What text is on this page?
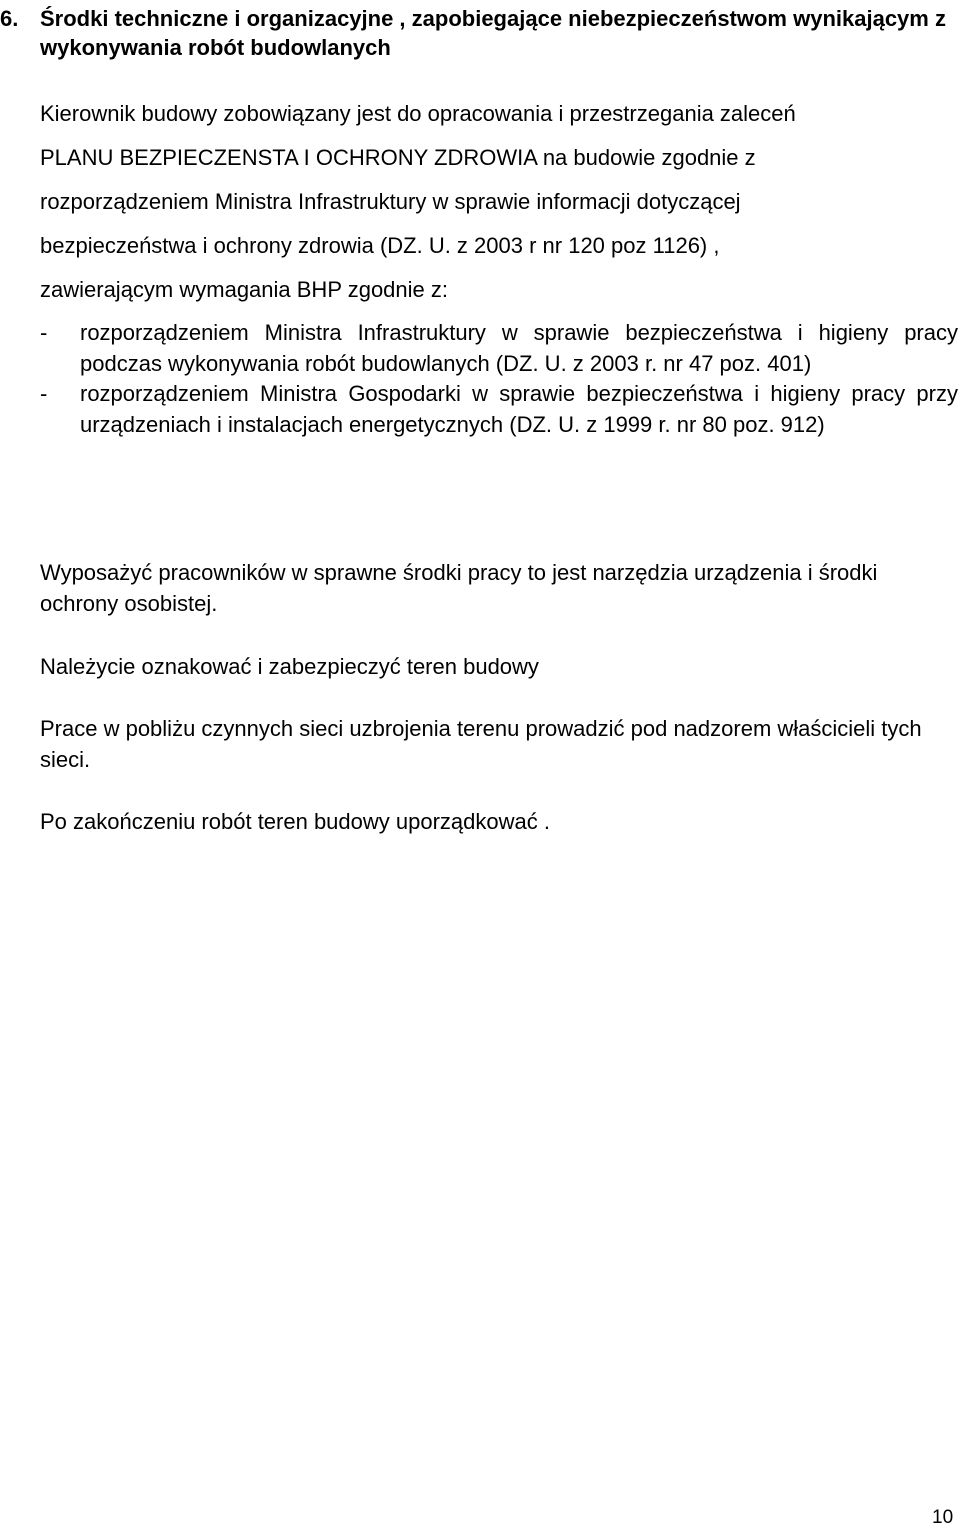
6. Środki techniczne i organizacyjne , zapobiegające niebezpieczeństwom wynikającym z wykonywania robót budowlanych
Kierownik budowy zobowiązany jest do opracowania i przestrzegania zaleceń
PLANU BEZPIECZENSTA I OCHRONY ZDROWIA na budowie zgodnie z
rozporządzeniem Ministra Infrastruktury w sprawie informacji dotyczącej
bezpieczeństwa i ochrony zdrowia (DZ. U. z 2003 r nr 120 poz 1126) ,
zawierającym wymagania BHP zgodnie z:
- rozporządzeniem Ministra Infrastruktury w sprawie bezpieczeństwa i higieny pracy podczas wykonywania robót budowlanych (DZ. U. z 2003 r. nr 47 poz. 401)
- rozporządzeniem Ministra Gospodarki w sprawie bezpieczeństwa i higieny pracy przy urządzeniach i instalacjach energetycznych (DZ. U. z 1999 r. nr 80 poz. 912)
Wyposażyć pracowników w sprawne środki pracy to jest narzędzia urządzenia i środki ochrony osobistej.
Należycie oznakować i zabezpieczyć teren budowy
Prace w pobliżu czynnych sieci uzbrojenia terenu prowadzić pod nadzorem właścicieli tych sieci.
Po zakończeniu robót teren budowy uporządkować .
10
